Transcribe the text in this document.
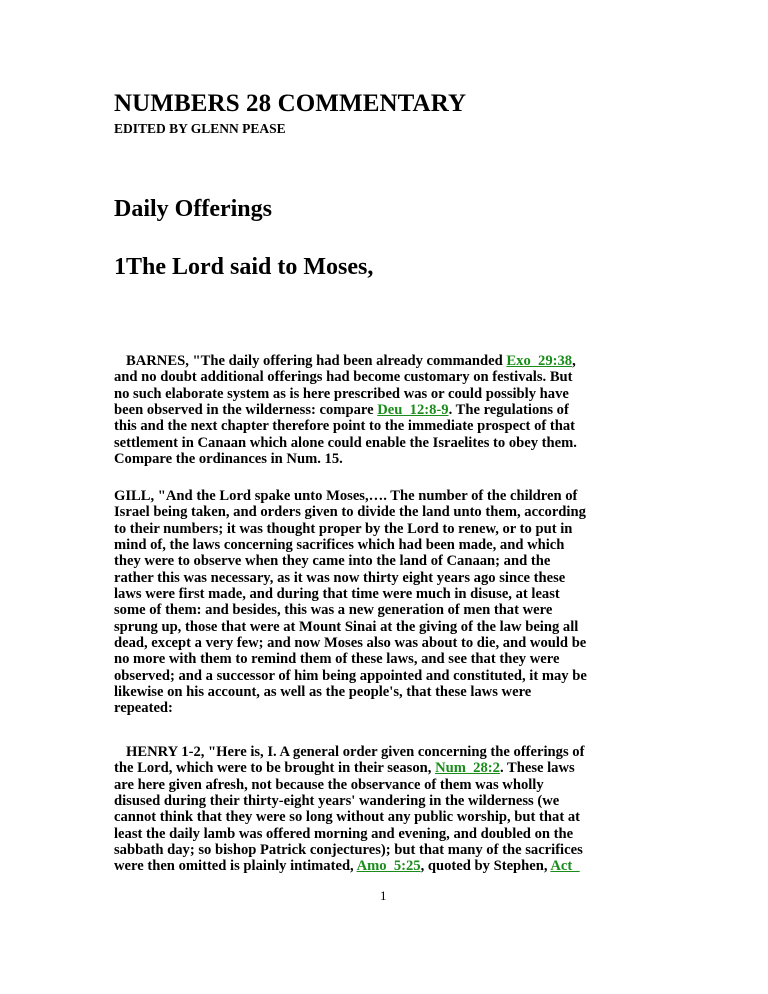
NUMBERS 28 COMMENTARY
EDITED BY GLENN PEASE
Daily Offerings
1The Lord said to Moses,
BARNES, "The daily offering had been already commanded Exo_29:38,
and no doubt additional offerings had become customary on festivals. But
no such elaborate system as is here prescribed was or could possibly have
been observed in the wilderness: compare Deu_12:8-9. The regulations of
this and the next chapter therefore point to the immediate prospect of that
settlement in Canaan which alone could enable the Israelites to obey them.
Compare the ordinances in Num. 15.
GILL, "And the Lord spake unto Moses,…. The number of the children of
Israel being taken, and orders given to divide the land unto them, according
to their numbers; it was thought proper by the Lord to renew, or to put in
mind of, the laws concerning sacrifices which had been made, and which
they were to observe when they came into the land of Canaan; and the
rather this was necessary, as it was now thirty eight years ago since these
laws were first made, and during that time were much in disuse, at least
some of them: and besides, this was a new generation of men that were
sprung up, those that were at Mount Sinai at the giving of the law being all
dead, except a very few; and now Moses also was about to die, and would be
no more with them to remind them of these laws, and see that they were
observed; and a successor of him being appointed and constituted, it may be
likewise on his account, as well as the people's, that these laws were
repeated:
HENRY 1-2, "Here is, I. A general order given concerning the offerings of
the Lord, which were to be brought in their season, Num_28:2. These laws
are here given afresh, not because the observance of them was wholly
disused during their thirty-eight years' wandering in the wilderness (we
cannot think that they were so long without any public worship, but that at
least the daily lamb was offered morning and evening, and doubled on the
sabbath day; so bishop Patrick conjectures); but that many of the sacrifices
were then omitted is plainly intimated, Amo_5:25, quoted by Stephen, Act_
1
